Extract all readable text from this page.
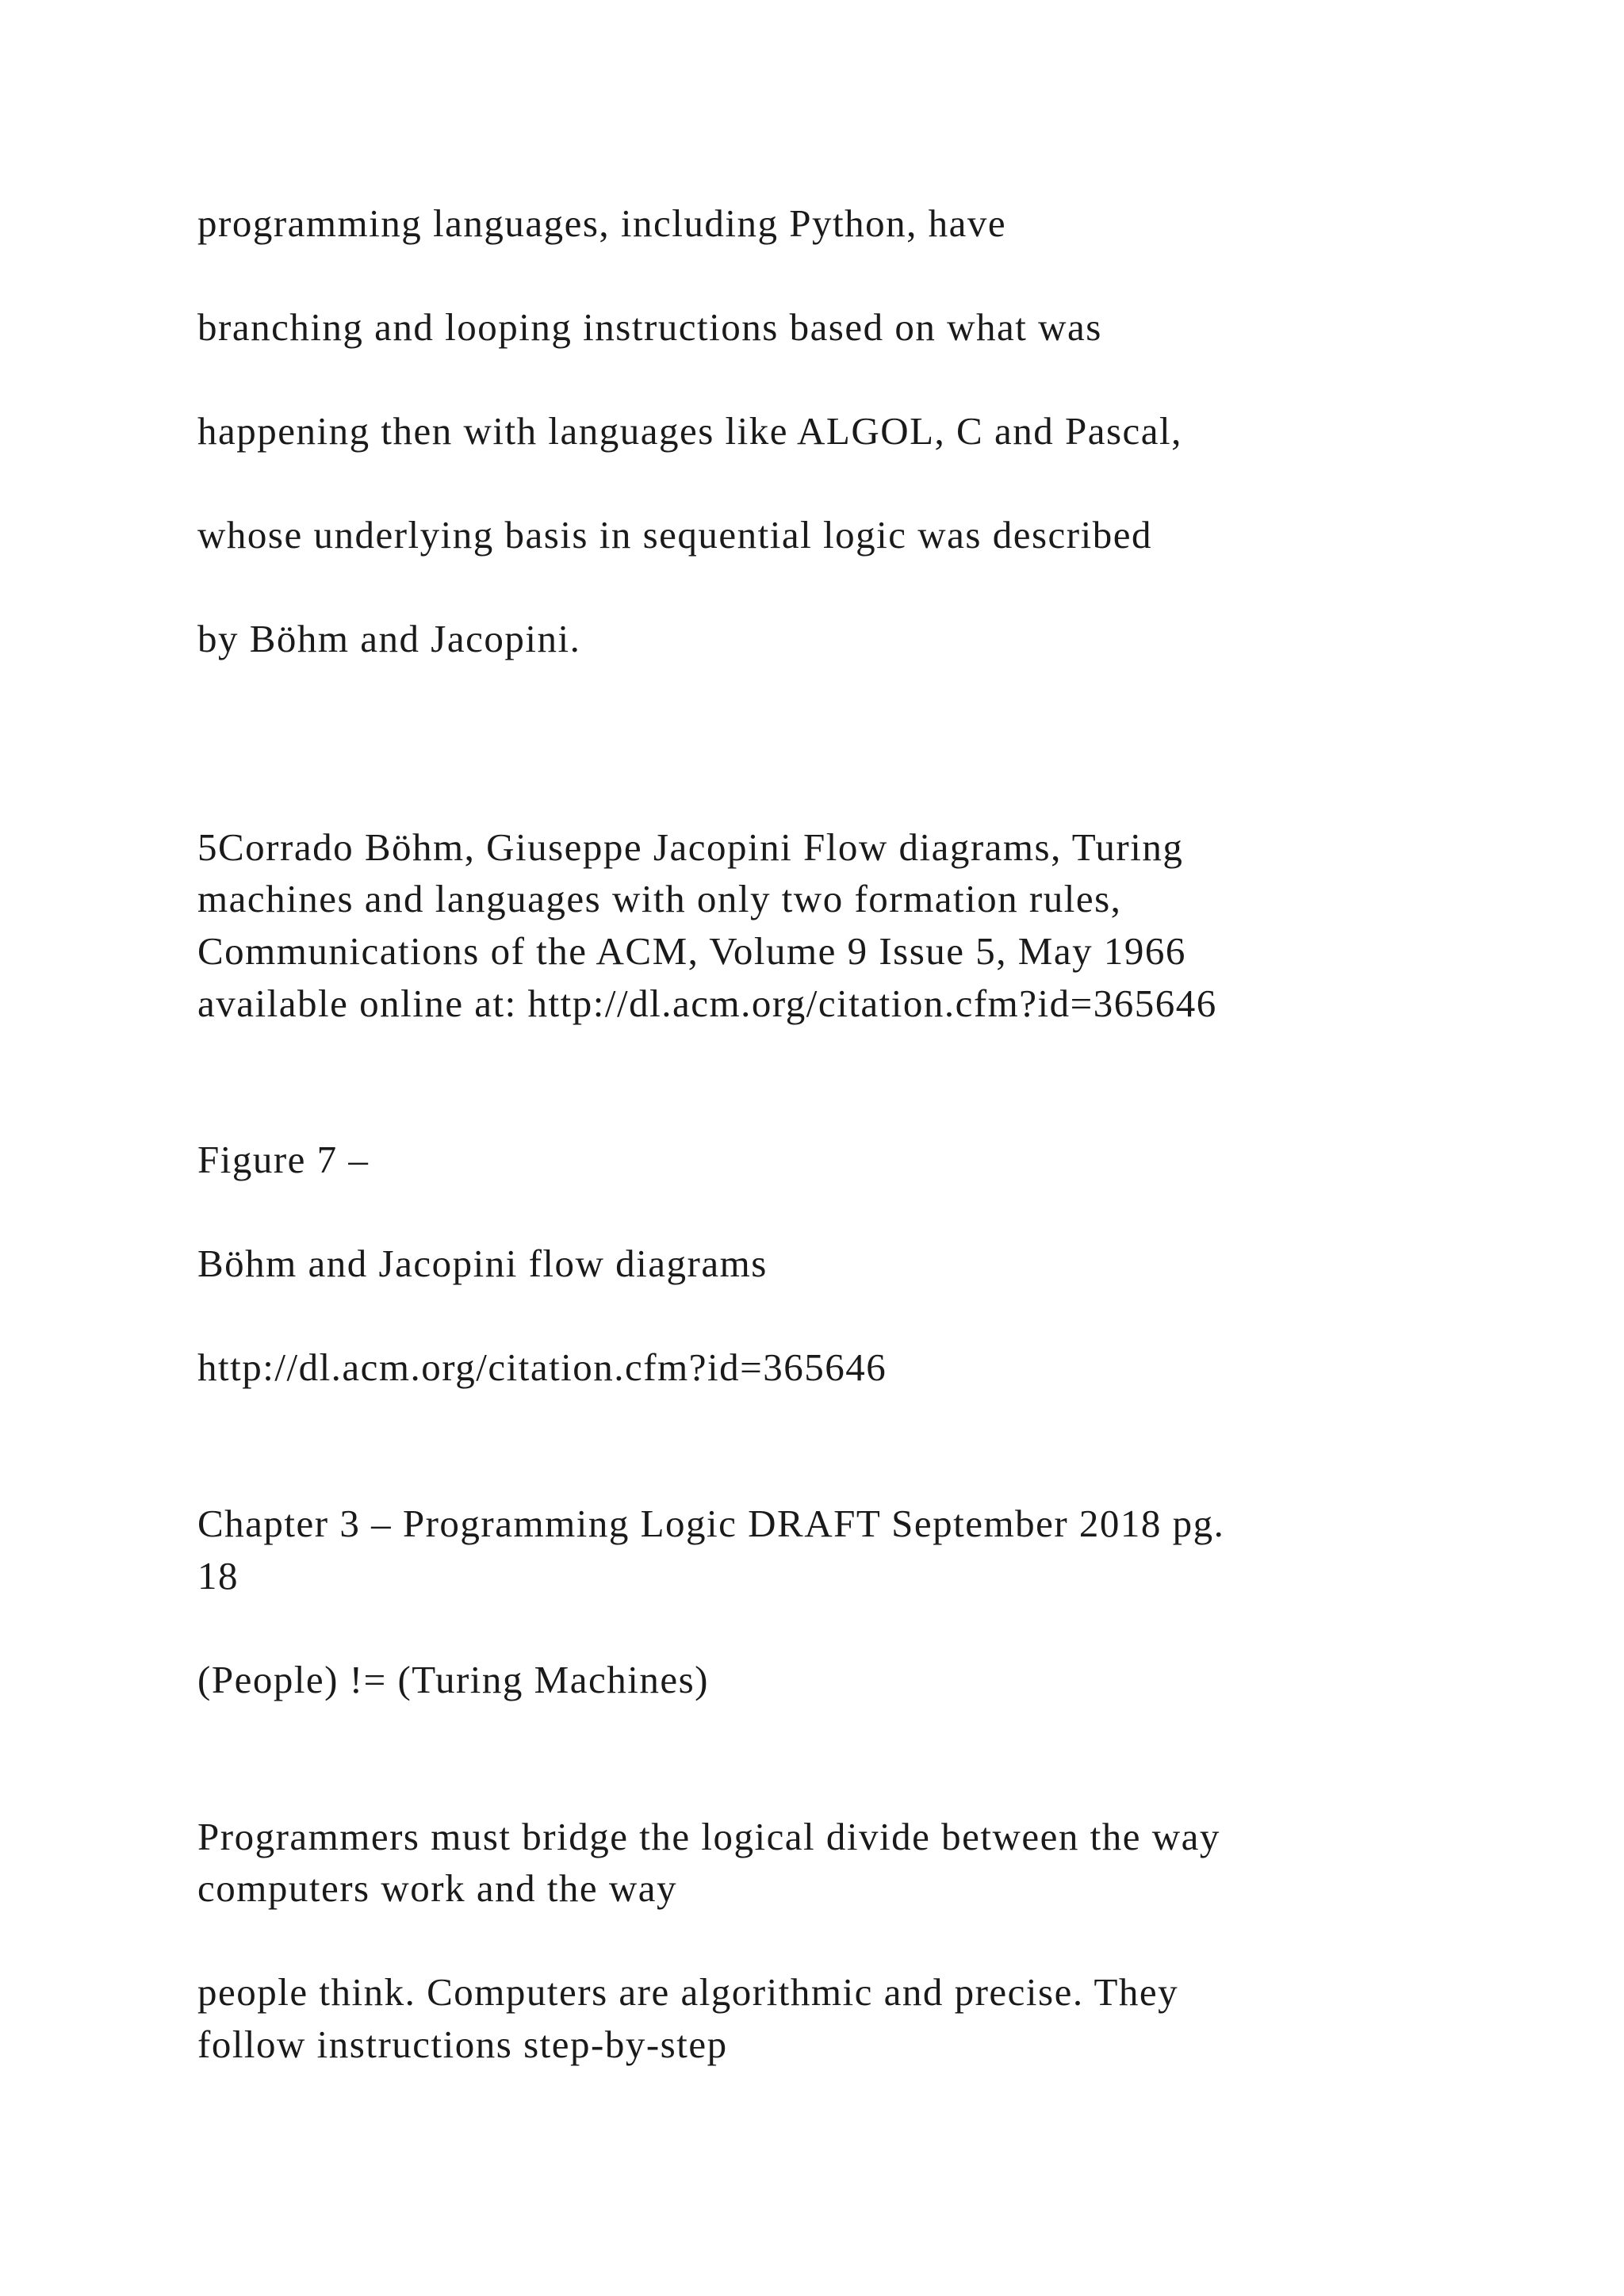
programming languages, including Python, have

branching and looping instructions based on what was

happening then with languages like ALGOL, C and Pascal,

whose underlying basis in sequential logic was described

by Böhm and Jacopini.

5Corrado Böhm, Giuseppe Jacopini Flow diagrams, Turing

machines and languages with only two formation rules,

Communications of the ACM, Volume 9 Issue 5, May 1966

available online at: http://dl.acm.org/citation.cfm?id=365646

Figure 7 –

Böhm and Jacopini flow diagrams

http://dl.acm.org/citation.cfm?id=365646

Chapter 3 – Programming Logic DRAFT September 2018 pg.

18

(People) != (Turing Machines)

Programmers must bridge the logical divide between the way

computers work and the way

people think. Computers are algorithmic and precise. They

follow instructions step-by-step
